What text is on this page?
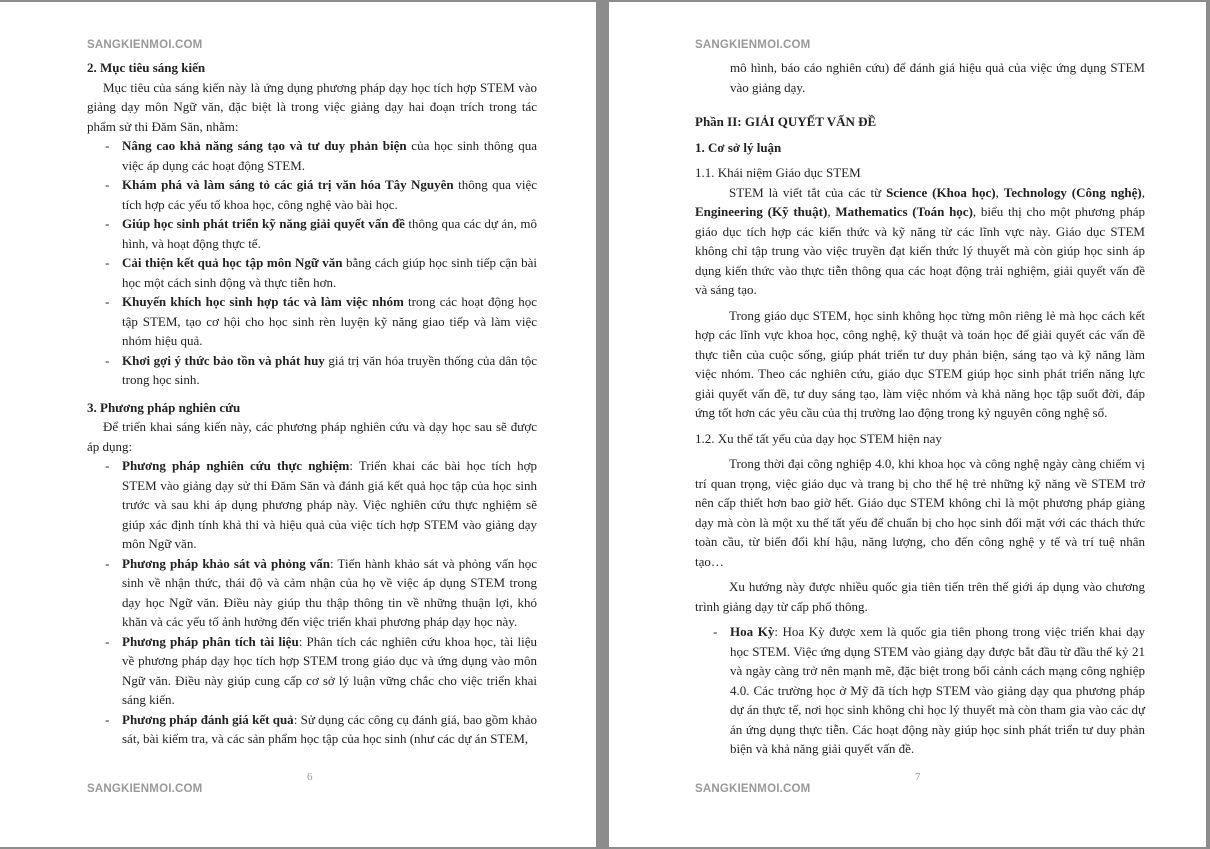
SANGKIENMOI.COM

2. Mục tiêu sáng kiến

Mục tiêu của sáng kiến này là ứng dụng phương pháp dạy học tích hợp STEM vào giảng dạy môn Ngữ văn, đặc biệt là trong việc giảng dạy hai đoạn trích trong tác phẩm sử thi Đăm Săn, nhằm:

- Nâng cao khả năng sáng tạo và tư duy phản biện của học sinh thông qua việc áp dụng các hoạt động STEM.
- Khám phá và làm sáng tỏ các giá trị văn hóa Tây Nguyên thông qua việc tích hợp các yếu tố khoa học, công nghệ vào bài học.
- Giúp học sinh phát triển kỹ năng giải quyết vấn đề thông qua các dự án, mô hình, và hoạt động thực tế.
- Cải thiện kết quả học tập môn Ngữ văn bằng cách giúp học sinh tiếp cận bài học một cách sinh động và thực tiễn hơn.
- Khuyến khích học sinh hợp tác và làm việc nhóm trong các hoạt động học tập STEM, tạo cơ hội cho học sinh rèn luyện kỹ năng giao tiếp và làm việc nhóm hiệu quả.
- Khơi gợi ý thức bảo tồn và phát huy giá trị văn hóa truyền thống của dân tộc trong học sinh.

3. Phương pháp nghiên cứu

Để triển khai sáng kiến này, các phương pháp nghiên cứu và dạy học sau sẽ được áp dụng:

- Phương pháp nghiên cứu thực nghiệm: Triển khai các bài học tích hợp STEM vào giảng dạy sử thi Đăm Săn và đánh giá kết quả học tập của học sinh trước và sau khi áp dụng phương pháp này. Việc nghiên cứu thực nghiệm sẽ giúp xác định tính khả thi và hiệu quả của việc tích hợp STEM vào giảng dạy môn Ngữ văn.
- Phương pháp khảo sát và phỏng vấn: Tiến hành khảo sát và phỏng vấn học sinh về nhận thức, thái độ và cảm nhận của họ về việc áp dụng STEM trong dạy học Ngữ văn. Điều này giúp thu thập thông tin về những thuận lợi, khó khăn và các yếu tố ảnh hưởng đến việc triển khai phương pháp dạy học này.
- Phương pháp phân tích tài liệu: Phân tích các nghiên cứu khoa học, tài liệu về phương pháp dạy học tích hợp STEM trong giáo dục và ứng dụng vào môn Ngữ văn. Điều này giúp cung cấp cơ sở lý luận vững chắc cho việc triển khai sáng kiến.
- Phương pháp đánh giá kết quả: Sử dụng các công cụ đánh giá, bao gồm khảo sát, bài kiểm tra, và các sản phẩm học tập của học sinh (như các dự án STEM,
6
SANGKIENMOI.COM
SANGKIENMOI.COM

mô hình, báo cáo nghiên cứu) để đánh giá hiệu quả của việc ứng dụng STEM vào giảng dạy.

Phần II: GIẢI QUYẾT VẤN ĐỀ

1. Cơ sở lý luận

1.1. Khái niệm Giáo dục STEM

STEM là viết tắt của các từ Science (Khoa học), Technology (Công nghệ), Engineering (Kỹ thuật), Mathematics (Toán học), biểu thị cho một phương pháp giáo dục tích hợp các kiến thức và kỹ năng từ các lĩnh vực này. Giáo dục STEM không chỉ tập trung vào việc truyền đạt kiến thức lý thuyết mà còn giúp học sinh áp dụng kiến thức vào thực tiễn thông qua các hoạt động trải nghiệm, giải quyết vấn đề và sáng tạo.

Trong giáo dục STEM, học sinh không học từng môn riêng lẻ mà học cách kết hợp các lĩnh vực khoa học, công nghệ, kỹ thuật và toán học để giải quyết các vấn đề thực tiễn của cuộc sống, giúp phát triển tư duy phản biện, sáng tạo và kỹ năng làm việc nhóm. Theo các nghiên cứu, giáo dục STEM giúp học sinh phát triển năng lực giải quyết vấn đề, tư duy sáng tạo, làm việc nhóm và khả năng học tập suốt đời, đáp ứng tốt hơn các yêu cầu của thị trường lao động trong kỷ nguyên công nghệ số.

1.2. Xu thế tất yếu của dạy học STEM hiện nay

Trong thời đại công nghiệp 4.0, khi khoa học và công nghệ ngày càng chiếm vị trí quan trọng, việc giáo dục và trang bị cho thế hệ trẻ những kỹ năng về STEM trở nên cấp thiết hơn bao giờ hết. Giáo dục STEM không chỉ là một phương pháp giảng dạy mà còn là một xu thế tất yếu để chuẩn bị cho học sinh đối mặt với các thách thức toàn cầu, từ biến đổi khí hậu, năng lượng, cho đến công nghệ y tế và trí tuệ nhân tạo…

Xu hướng này được nhiều quốc gia tiên tiến trên thế giới áp dụng vào chương trình giảng dạy từ cấp phổ thông.

- Hoa Kỳ: Hoa Kỳ được xem là quốc gia tiên phong trong việc triển khai dạy học STEM. Việc ứng dụng STEM vào giảng dạy được bắt đầu từ đầu thế kỷ 21 và ngày càng trở nên mạnh mẽ, đặc biệt trong bối cảnh cách mạng công nghiệp 4.0. Các trường học ở Mỹ đã tích hợp STEM vào giảng dạy qua phương pháp dự án thực tế, nơi học sinh không chỉ học lý thuyết mà còn tham gia vào các dự án ứng dụng thực tiễn. Các hoạt động này giúp học sinh phát triển tư duy phản biện và khả năng giải quyết vấn đề.
7
SANGKIENMOI.COM
